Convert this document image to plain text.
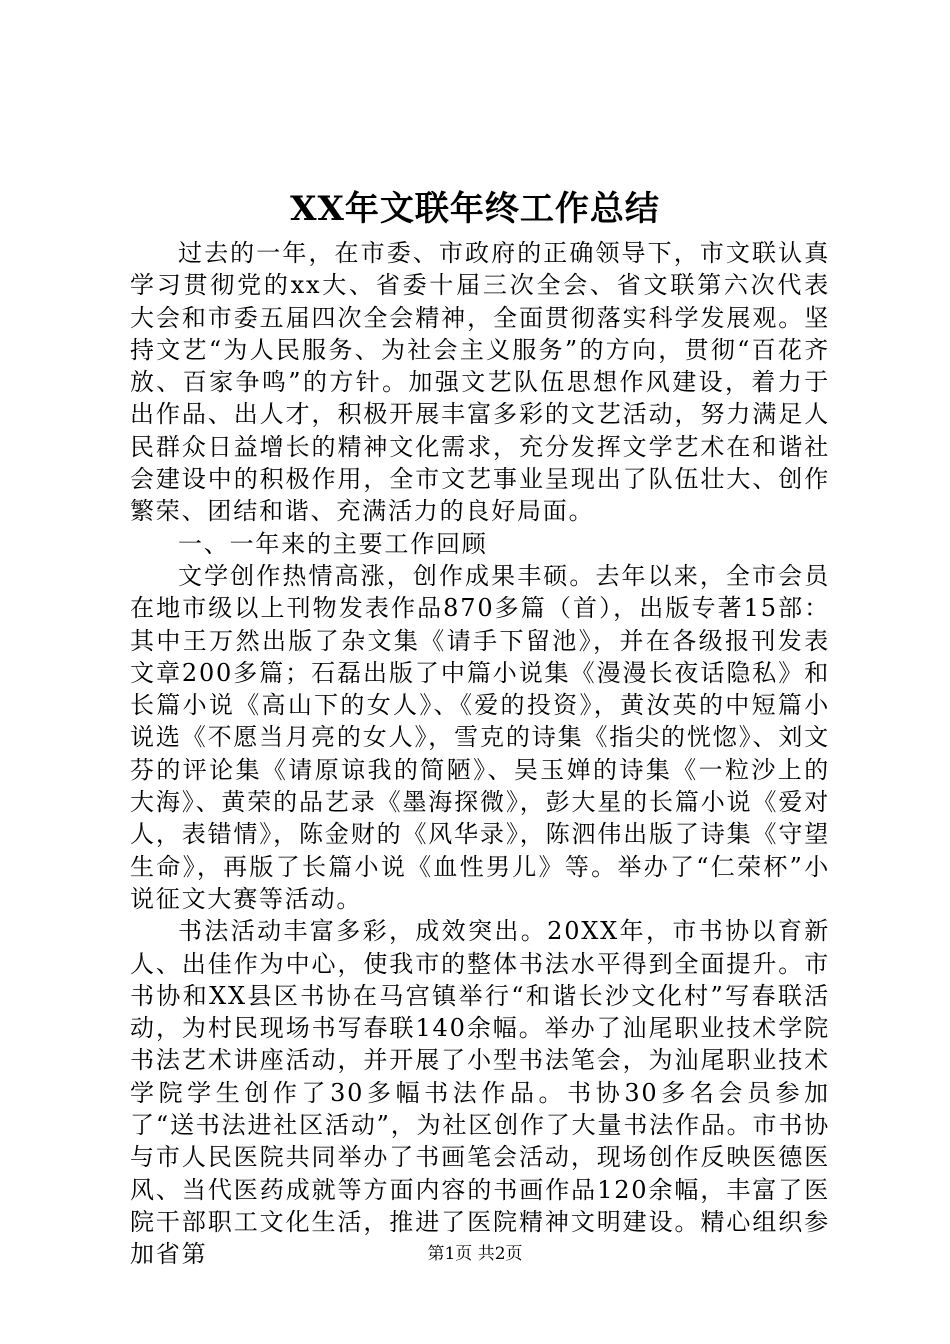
XX年文联年终工作总结

过去的一年，在市委、市政府的正确领导下，市文联认真学习贯彻党的xx大、省委十届三次全会、省文联第六次代表大会和市委五届四次全会精神，全面贯彻落实科学发展观。坚持文艺“为人民服务、为社会主义服务”的方向，贯彻“百花齐放、百家争鸣”的方针。加强文艺队伍思想作风建设，着力于出作品、出人才，积极开展丰富多彩的文艺活动，努力满足人民群众日益增长的精神文化需求，充分发挥文学艺术在和谐社会建设中的积极作用，全市文艺事业呈现出了队伍壮大、创作繁荣、团结和谐、充满活力的良好局面。

一、一年来的主要工作回顾

文学创作热情高涨，创作成果丰硕。去年以来，全市会员在地市级以上刊物发表作品870多篇（首），出版专著15部：其中王万然出版了杂文集《请手下留池》，并在各级报刊发表文章200多篇；石磊出版了中篇小说集《漫漫长夜话隐私》和长篇小说《高山下的女人》、《爱的投资》，黄汝英的中短篇小说选《不愿当月亮的女人》，雪克的诗集《指尖的恍惚》、刘文芬的评论集《请原谅我的简陋》、吴玉婵的诗集《一粒沙上的大海》、黄荣的品艺录《墨海探微》，彭大星的长篇小说《爱对人，表错情》，陈金财的《风华录》，陈泗伟出版了诗集《守望生命》，再版了长篇小说《血性男儿》等。举办了“仁荣杯”小说征文大赛等活动。

书法活动丰富多彩，成效突出。20XX年，市书协以育新人、出佳作为中心，使我市的整体书法水平得到全面提升。市书协和XX县区书协在马宫镇举行“和谐长沙文化村”写春联活动，为村民现场书写春联140余幅。举办了汕尾职业技术学院书法艺术讲座活动，并开展了小型书法笔会，为汕尾职业技术学院学生创作了30多幅书法作品。书协30多名会员参加了“送书法进社区活动”，为社区创作了大量书法作品。市书协与市人民医院共同举办了书画笔会活动，现场创作反映医德医风、当代医药成就等方面内容的书画作品120余幅，丰富了医院干部职工文化生活，推进了医院精神文明建设。精心组织参加省第	第1页 共2页
